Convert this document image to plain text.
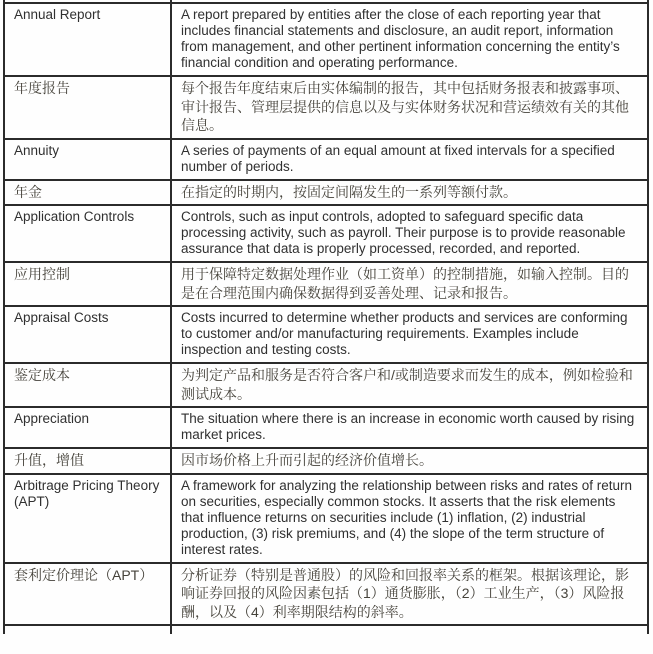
Annual Report	A report prepared by entities after the close of each reporting year that includes financial statements and disclosure, an audit report, information from management, and other pertinent information concerning the entity’s financial condition and operating performance.
年度报告	每个报告年度结束后由实体编制的报告，其中包括财务报表和披露事项、审计报告、管理层提供的信息以及与实体财务状况和营运绩效有关的其他信息。
Annuity	A series of payments of an equal amount at fixed intervals for a specified number of periods.
年金	在指定的时期内，按固定间隔发生的一系列等额付款。
Application Controls	Controls, such as input controls, adopted to safeguard specific data processing activity, such as payroll. Their purpose is to provide reasonable assurance that data is properly processed, recorded, and reported.
应用控制	用于保障特定数据处理作业（如工资单）的控制措施，如输入控制。目的是在合理范围内确保数据得到妥善处理、记录和报告。
Appraisal Costs	Costs incurred to determine whether products and services are conforming to customer and/or manufacturing requirements. Examples include inspection and testing costs.
鉴定成本	为判定产品和服务是否符合客户和/或制造要求而发生的成本，例如检验和测试成本。
Appreciation	The situation where there is an increase in economic worth caused by rising market prices.
升值，增值	因市场价格上升而引起的经济价值增长。
Arbitrage Pricing Theory (APT)	A framework for analyzing the relationship between risks and rates of return on securities, especially common stocks. It asserts that the risk elements that influence returns on securities include (1) inflation, (2) industrial production, (3) risk premiums, and (4) the slope of the term structure of interest rates.
套利定价理论（APT）	分析证券（特别是普通股）的风险和回报率关系的框架。根据该理论，影响证券回报的风险因素包括（1）通货膨胀，（2）工业生产，（3）风险报酬，以及（4）利率期限结构的斜率。
